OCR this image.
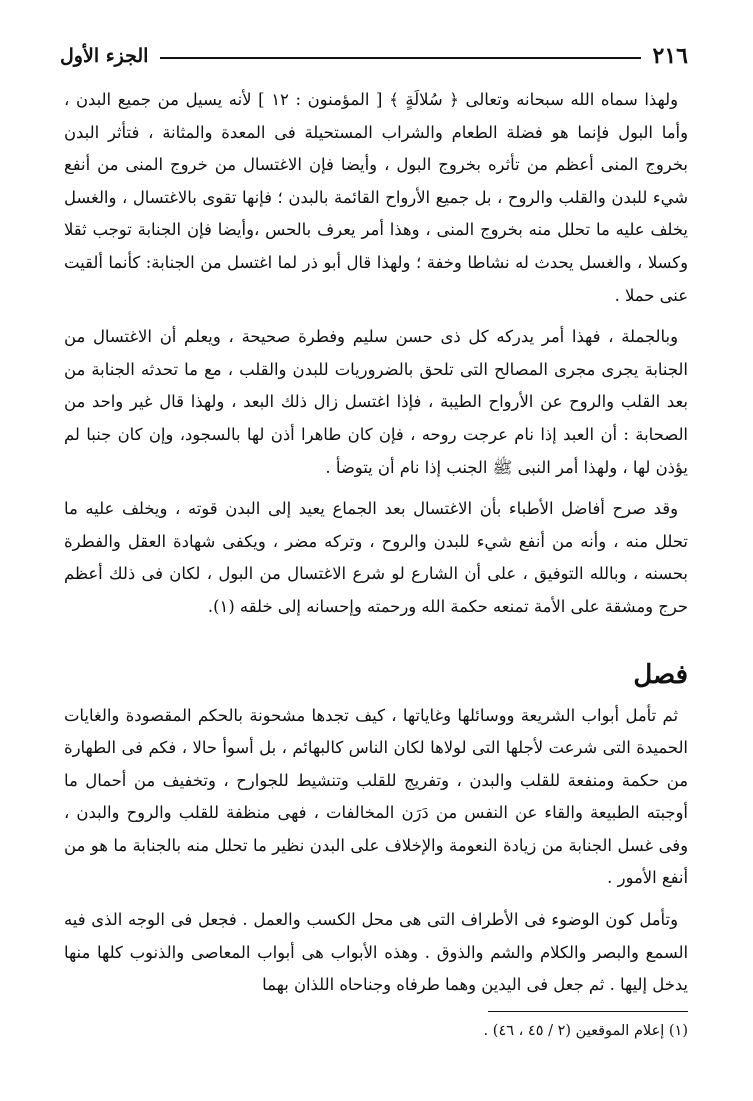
٢١٦
الجزء الأول

ولهذا سماه الله سبحانه وتعالى ﴿ سُلالَةٍ ﴾ [ المؤمنون : ١٢ ] لأنه يسيل من جميع البدن ، وأما البول فإنما هو فضلة الطعام والشراب المستحيلة فى المعدة والمثانة ، فتأثر البدن بخروج المنى أعظم من تأثره بخروج البول ، وأيضا فإن الاغتسال من خروج المنى من أنفع شيء للبدن والقلب والروح ، بل جميع الأرواح القائمة بالبدن ؛ فإنها تقوى بالاغتسال ، والغسل يخلف عليه ما تحلل منه بخروج المنى ، وهذا أمر يعرف بالحس ،وأيضا فإن الجنابة توجب ثقلا وكسلا ، والغسل يحدث له نشاطا وخفة ؛ ولهذا قال أبو ذر لما اغتسل من الجنابة: كأنما ألقيت عنى حملا .

وبالجملة ، فهذا أمر يدركه كل ذى حسن سليم وفطرة صحيحة ، ويعلم أن الاغتسال من الجنابة يجرى مجرى المصالح التى تلحق بالضروريات للبدن والقلب ، مع ما تحدثه الجنابة من بعد القلب والروح عن الأرواح الطيبة ، فإذا اغتسل زال ذلك البعد ، ولهذا قال غير واحد من الصحابة : أن العبد إذا نام عرجت روحه ، فإن كان طاهرا أذن لها بالسجود، وإن كان جنبا لم يؤذن لها ، ولهذا أمر النبى ﷺ الجنب إذا نام أن يتوضأ .

وقد صرح أفاضل الأطباء بأن الاغتسال بعد الجماع يعيد إلى البدن قوته ، ويخلف عليه ما تحلل منه ، وأنه من أنفع شيء للبدن والروح ، وتركه مضر ، ويكفى شهادة العقل والفطرة بحسنه ، وبالله التوفيق ، على أن الشارع لو شرع الاغتسال من البول ، لكان فى ذلك أعظم حرج ومشقة على الأمة تمنعه حكمة الله ورحمته وإحسانه إلى خلقه (١).

فصل

ثم تأمل أبواب الشريعة ووسائلها وغاياتها ، كيف تجدها مشحونة بالحكم المقصودة والغايات الحميدة التى شرعت لأجلها التى لولاها لكان الناس كالبهائم ، بل أسوأ حالا ، فكم فى الطهارة من حكمة ومنفعة للقلب والبدن ، وتفريج للقلب وتنشيط للجوارح ، وتخفيف من أحمال ما أوجبته الطبيعة والقاء عن النفس من دَرَن المخالفات ، فهى منظفة للقلب والروح والبدن ، وفى غسل الجنابة من زيادة النعومة والإخلاف على البدن نظير ما تحلل منه بالجنابة ما هو من أنفع الأمور .

وتأمل كون الوضوء فى الأطراف التى هى محل الكسب والعمل . فجعل فى الوجه الذى فيه السمع والبصر والكلام والشم والذوق . وهذه الأبواب هى أبواب المعاصى والذنوب كلها منها يدخل إليها . ثم جعل فى اليدين وهما طرفاه وجناحاه اللذان بهما

(١) إعلام الموقعين (٢ / ٤٥ ، ٤٦) .
